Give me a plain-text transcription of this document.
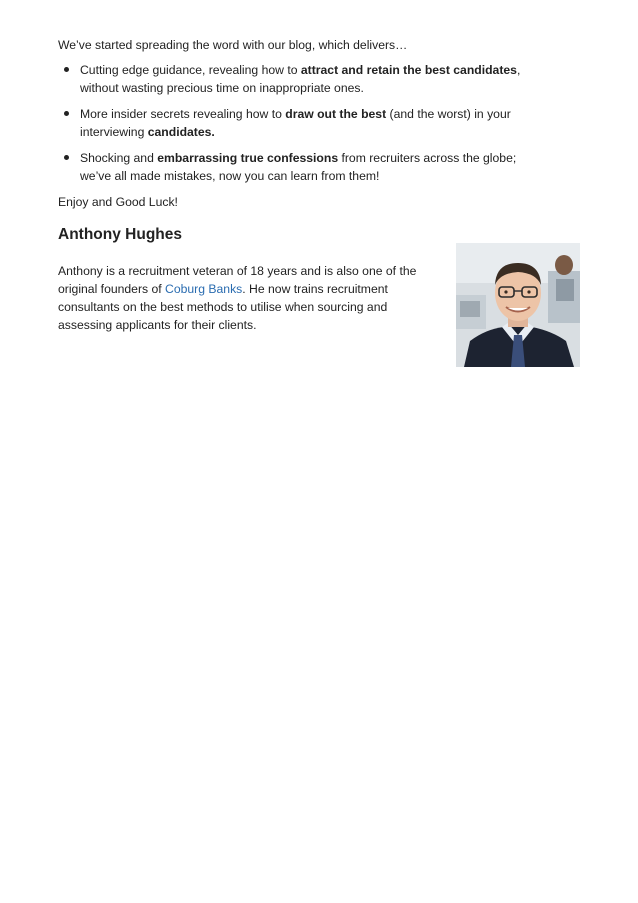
We’ve started spreading the word with our blog, which delivers…

Cutting edge guidance, revealing how to attract and retain the best candidates, without wasting precious time on inappropriate ones.
More insider secrets revealing how to draw out the best (and the worst) in your interviewing candidates.
Shocking and embarrassing true confessions from recruiters across the globe; we’ve all made mistakes, now you can learn from them!

Enjoy and Good Luck!

Anthony Hughes

Anthony is a recruitment veteran of 18 years and is also one of the original founders of Coburg Banks. He now trains recruitment consultants on the best methods to utilise when sourcing and assessing applicants for their clients.
